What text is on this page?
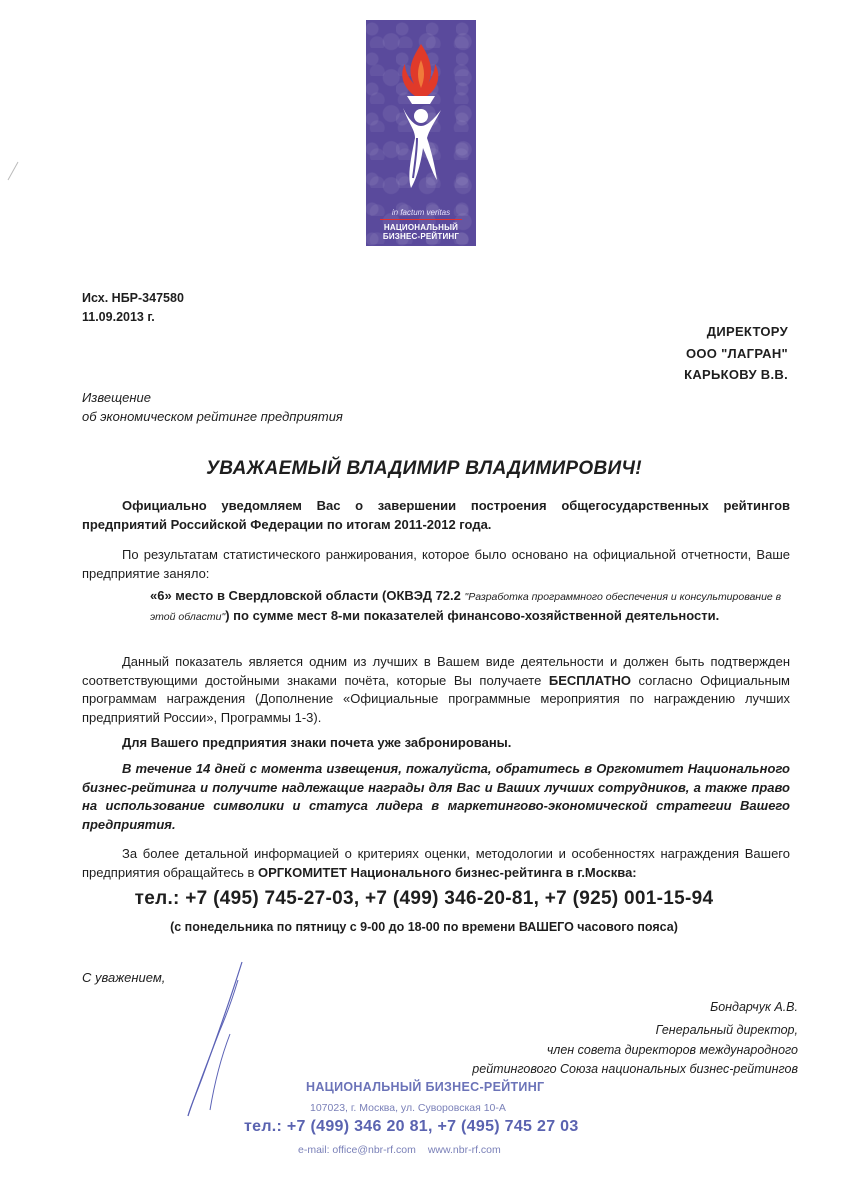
in factum veritas
НАЦИОНАЛЬНЫЙ
БИЗНЕС-РЕЙТИНГ
Исх. НБР-347580
11.09.2013 г.
ДИРЕКТОРУ
ООО "ЛАГРАН"
КАРЬКОВУ В.В.
Извещение
об экономическом рейтинге предприятия
УВАЖАЕМЫЙ ВЛАДИМИР ВЛАДИМИРОВИЧ!

Официально уведомляем Вас о завершении построения общегосударственных рейтингов предприятий Российской Федерации по итогам 2011-2012 года.

По результатам статистического ранжирования, которое было основано на официальной отчетности, Ваше предприятие заняло:

«6» место в Свердловской области (ОКВЭД 72.2 "Разработка программного обеспечения и консультирование в этой области") по сумме мест 8-ми показателей финансово-хозяйственной деятельности.

Данный показатель является одним из лучших в Вашем виде деятельности и должен быть подтвержден соответствующими достойными знаками почёта, которые Вы получаете БЕСПЛАТНО согласно Официальным программам награждения (Дополнение «Официальные программные мероприятия по награждению лучших предприятий России», Программы 1-3).

Для Вашего предприятия знаки почета уже забронированы.

В течение 14 дней с момента извещения, пожалуйста, обратитесь в Оргкомитет Национального бизнес-рейтинга и получите надлежащие награды для Вас и Ваших лучших сотрудников, а также право на использование символики и статуса лидера в маркетингово-экономической стратегии Вашего предприятия.

За более детальной информацией о критериях оценки, методологии и особенностях награждения Вашего предприятия обращайтесь в ОРГКОМИТЕТ Национального бизнес-рейтинга в г.Москва:

тел.: +7 (495) 745-27-03, +7 (499) 346-20-81, +7 (925) 001-15-94
(с понедельника по пятницу с 9-00 до 18-00 по времени ВАШЕГО часового пояса)
С уважением,
Бондарчук А.В.
Генеральный директор,
член совета директоров международного
рейтингового Союза национальных бизнес-рейтингов
НАЦИОНАЛЬНЫЙ БИЗНЕС-РЕЙТИНГ
107023, г. Москва, ул. Суворовская 10-А
тел.: +7 (499) 346 20 81, +7 (495) 745 27 03
e-mail: office@nbr-rf.com www.nbr-rf.com
